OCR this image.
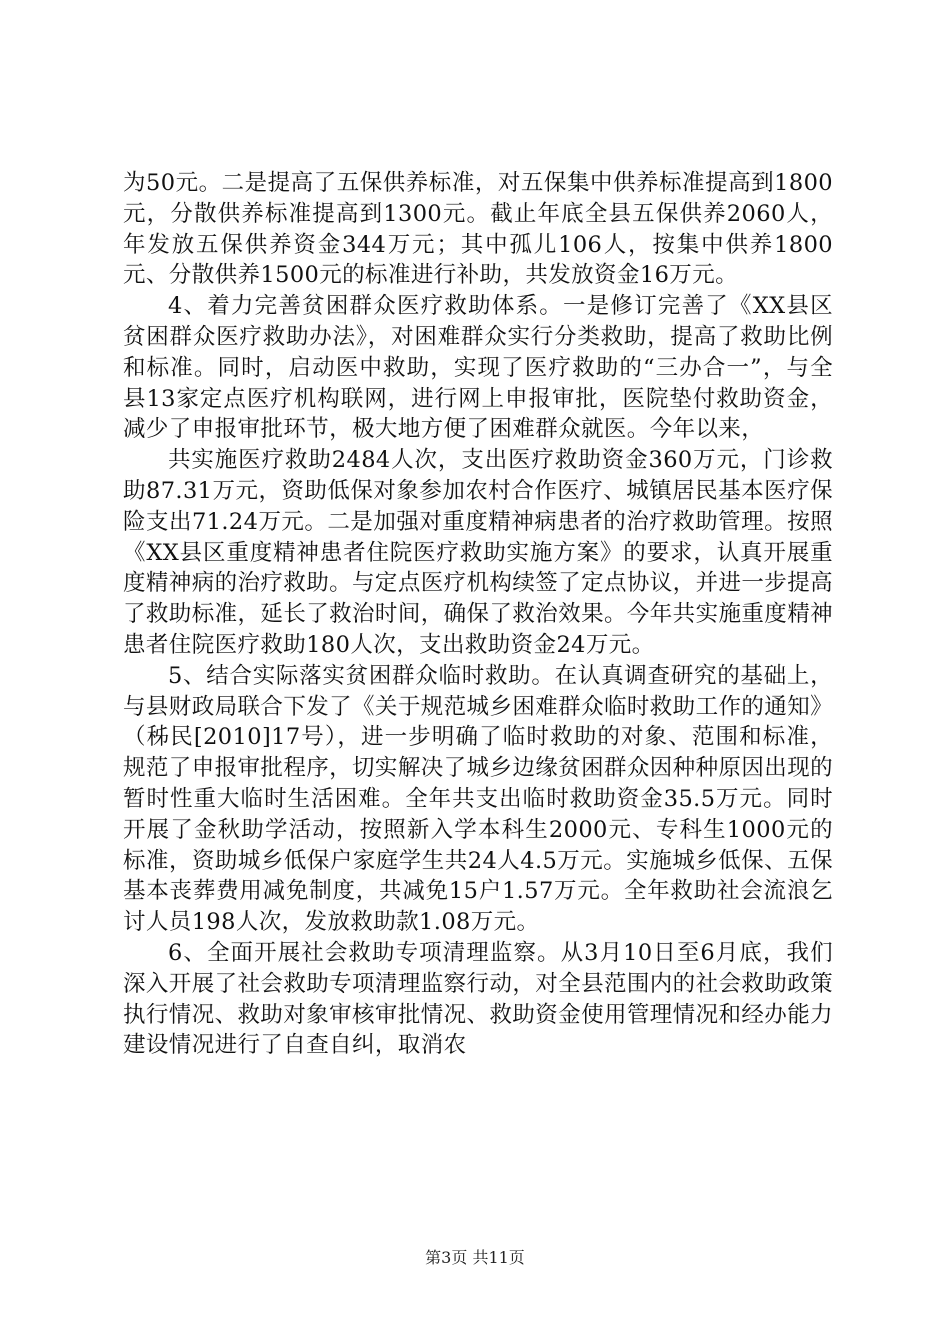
为50元。二是提高了五保供养标准，对五保集中供养标准提高到1800元，分散供养标准提高到1300元。截止年底全县五保供养2060人，年发放五保供养资金344万元；其中孤儿106人，按集中供养1800元、分散供养1500元的标准进行补助，共发放资金16万元。

4、着力完善贫困群众医疗救助体系。一是修订完善了《XX县区贫困群众医疗救助办法》，对困难群众实行分类救助，提高了救助比例和标准。同时，启动医中救助，实现了医疗救助的“三办合一”，与全县13家定点医疗机构联网，进行网上申报审批，医院垫付救助资金，减少了申报审批环节，极大地方便了困难群众就医。今年以来，

共实施医疗救助2484人次，支出医疗救助资金360万元，门诊救助87.31万元，资助低保对象参加农村合作医疗、城镇居民基本医疗保险支出71.24万元。二是加强对重度精神病患者的治疗救助管理。按照《XX县区重度精神患者住院医疗救助实施方案》的要求，认真开展重度精神病的治疗救助。与定点医疗机构续签了定点协议，并进一步提高了救助标准，延长了救治时间，确保了救治效果。今年共实施重度精神患者住院医疗救助180人次，支出救助资金24万元。

5、结合实际落实贫困群众临时救助。在认真调查研究的基础上，与县财政局联合下发了《关于规范城乡困难群众临时救助工作的通知》（秭民[2010]17号），进一步明确了临时救助的对象、范围和标准，规范了申报审批程序，切实解决了城乡边缘贫困群众因种种原因出现的暂时性重大临时生活困难。全年共支出临时救助资金35.5万元。同时开展了金秋助学活动，按照新入学本科生2000元、专科生1000元的标准，资助城乡低保户家庭学生共24人4.5万元。实施城乡低保、五保基本丧葬费用减免制度，共减免15户1.57万元。全年救助社会流浪乞讨人员198人次，发放救助款1.08万元。

6、全面开展社会救助专项清理监察。从3月10日至6月底，我们深入开展了社会救助专项清理监察行动，对全县范围内的社会救助政策执行情况、救助对象审核审批情况、救助资金使用管理情况和经办能力建设情况进行了自查自纠，取消农

第3页 共11页
